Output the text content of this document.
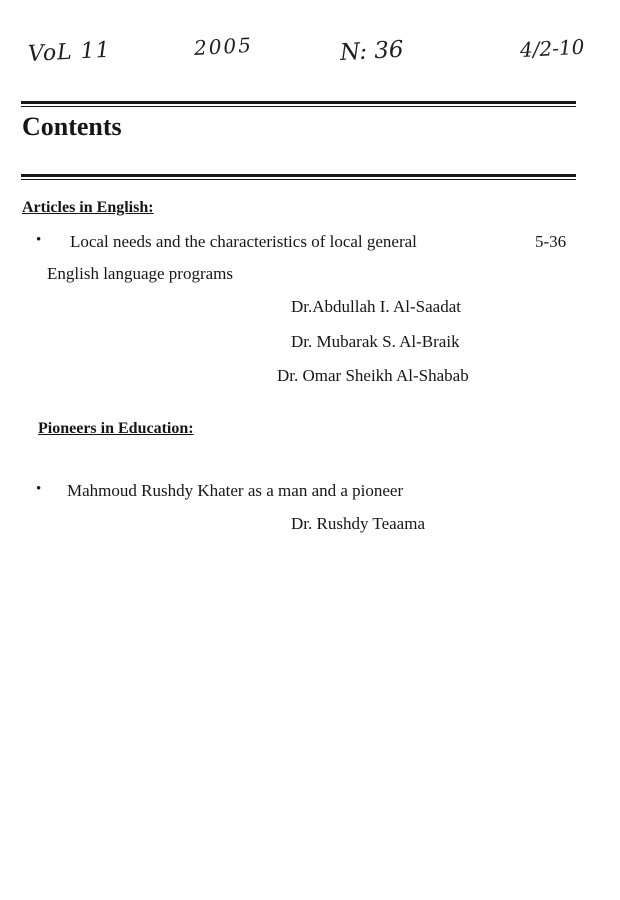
VoL 11	2005	N: 36	4/2-10
Contents
Articles in English:
• Local needs and the characteristics of local general	5-36
English language programs
Dr.Abdullah I. Al-Saadat
Dr. Mubarak S. Al-Braik
Dr. Omar Sheikh Al-Shabab
Pioneers in Education:
• Mahmoud Rushdy Khater as a man and a pioneer
Dr. Rushdy Teaama
